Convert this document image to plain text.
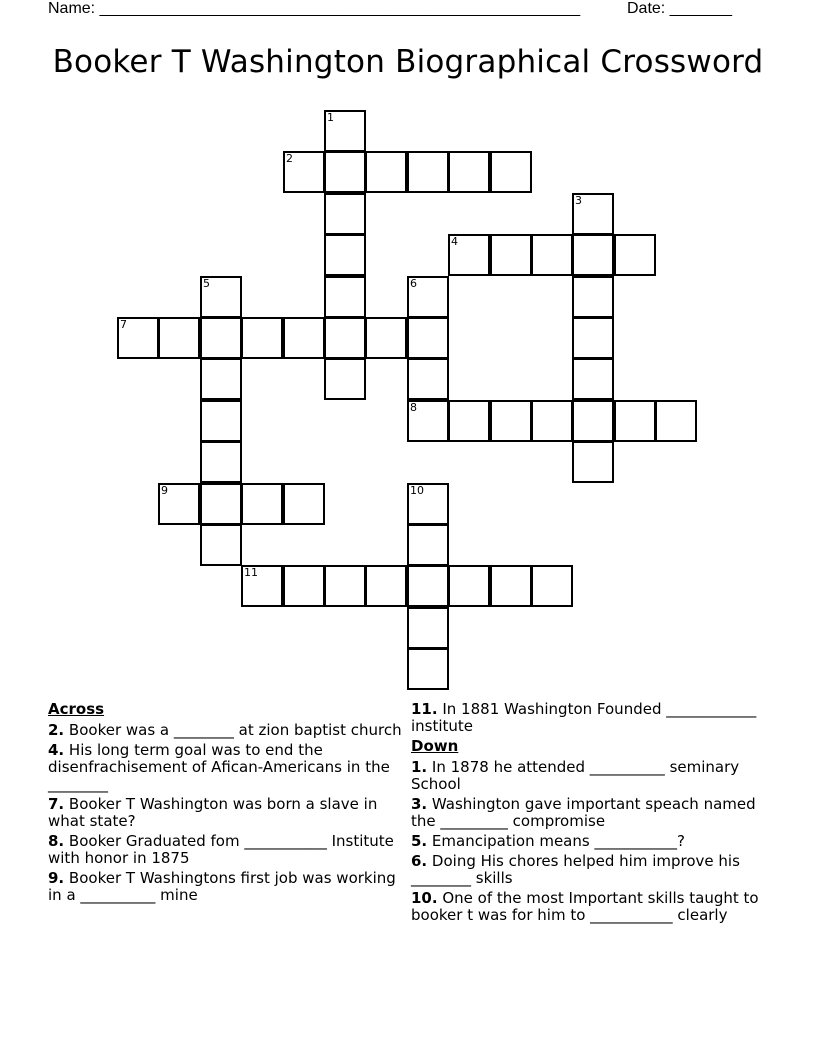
Name: ______________________________________________________	Date: _______
Booker T Washington Biographical Crossword
1
2
3
4
5	6
8
7
9	10
11
Across
2. Booker was a ________ at zion baptist church
4. His long term goal was to end the disenfrachisement of Afican-Americans in the ________
7. Booker T Washington was born a slave in what state?
8. Booker Graduated fom ___________ Institute with honor in 1875
9. Booker T Washingtons first job was working in a __________ mine
11. In 1881 Washington Founded ____________ institute
Down
1. In 1878 he attended __________ seminary School
3. Washington gave important speach named the _________ compromise
5. Emancipation means ___________?
6. Doing His chores helped him improve his ________ skills
10. One of the most Important skills taught to booker t was for him to ___________ clearly
